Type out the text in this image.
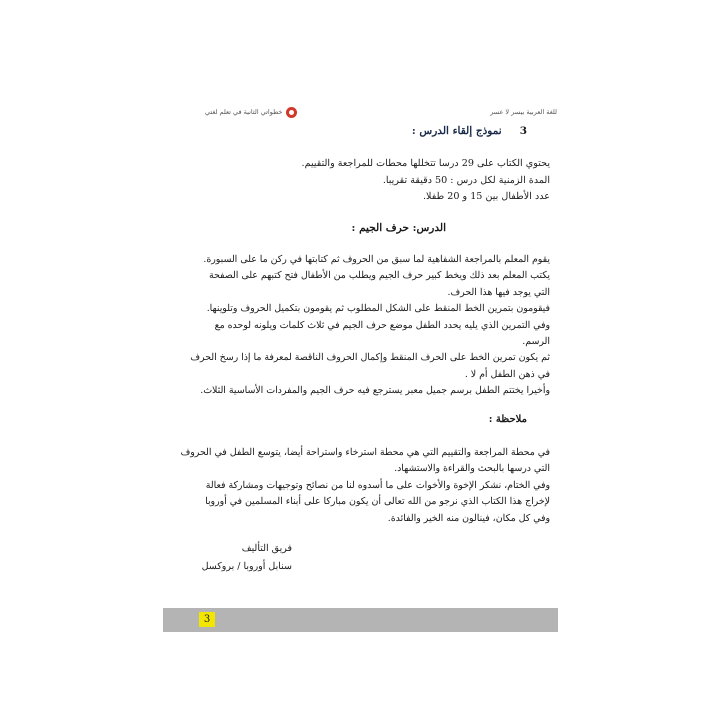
خطواتي الثانية في تعلم لغتي	للغة العربية بيسر لا عسر
3
نموذج إلقاء الدرس :
يحتوي الكتاب على 29 درسا تتخللها محطات للمراجعة والتقييم.
المدة الزمنية لكل درس : 50 دقيقة تقريبا.
عدد الأطفال بين 15 و 20 طفلا.
الدرس: حرف الجيم :
يقوم المعلم بالمراجعة الشفاهية لما سبق من الحروف ثم كتابتها في ركن ما على السبورة.
يكتب المعلم بعد ذلك ويخط كبير حرف الجيم ويطلب من الأطفال فتح كتبهم على الصفحة
التي يوجد فيها هذا الحرف.
فيقومون بتمرين الخط المنقط على الشكل المطلوب ثم يقومون بتكميل الحروف وتلوينها.
وفي التمرين الذي يليه يحدد الطفل موضع حرف الجيم في ثلاث كلمات ويلونه لوحده مع
الرسم.
ثم يكون تمرين الخط على الحرف المنقط وإكمال الحروف الناقصة لمعرفة ما إذا رسخ الحرف
في ذهن الطفل أم لا .
وأخيرا يختتم الطفل برسم جميل معبر يسترجع فيه حرف الجيم والمفردات الأساسية الثلاث.
ملاحظة :
في محطة المراجعة والتقييم التي هي محطة استرخاء واستراحة أيضا، يتوسع الطفل في الحروف
التي درسها بالبحث والقراءة والاستشهاد.
وفي الختام، نشكر الإخوة والأخوات على ما أسدوه لنا من نصائح وتوجيهات ومشاركة فعالة
لإخراج هذا الكتاب الذي نرجو من الله تعالى أن يكون مباركا على أبناء المسلمين في أوروبا
وفي كل مكان، فينالون منه الخير والفائدة.
فريق التأليف
سنابل أوروبا / بروكسل
3
